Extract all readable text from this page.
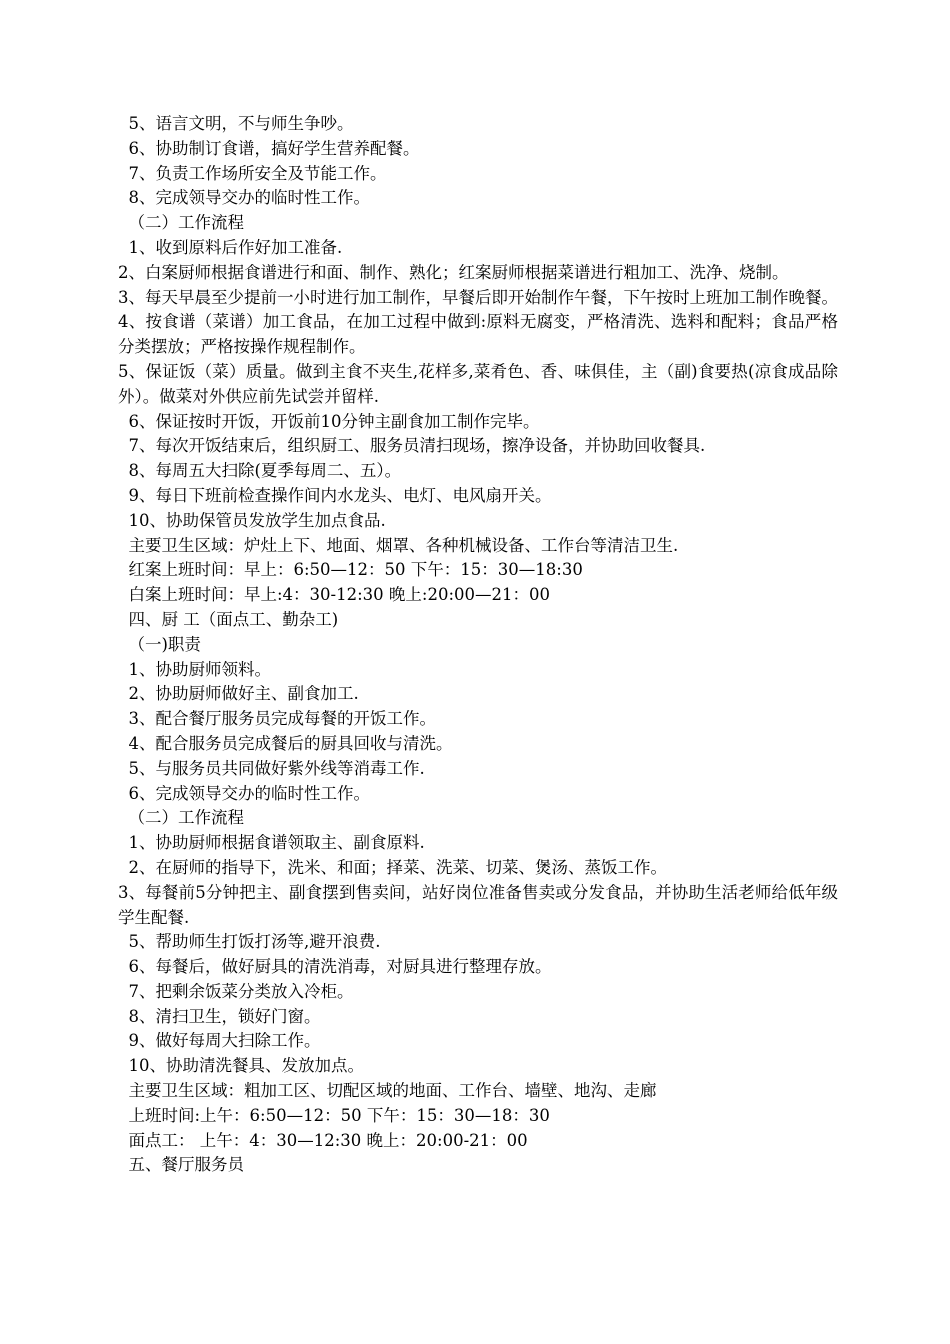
5、语言文明，不与师生争吵。
6、协助制订食谱，搞好学生营养配餐。
7、负责工作场所安全及节能工作。
8、完成领导交办的临时性工作。
（二）工作流程
1、收到原料后作好加工准备.
2、白案厨师根据食谱进行和面、制作、熟化；红案厨师根据菜谱进行粗加工、洗净、烧制。
3、每天早晨至少提前一小时进行加工制作，早餐后即开始制作午餐，下午按时上班加工制作晚餐。
4、按食谱（菜谱）加工食品，在加工过程中做到:原料无腐变，严格清洗、选料和配料；食品严格分类摆放；严格按操作规程制作。
5、保证饭（菜）质量。做到主食不夹生,花样多,菜肴色、香、味俱佳，主（副)食要热(凉食成品除外）。做菜对外供应前先试尝并留样.
6、保证按时开饭，开饭前10分钟主副食加工制作完毕。
7、每次开饭结束后，组织厨工、服务员清扫现场，擦净设备，并协助回收餐具.
8、每周五大扫除(夏季每周二、五）。
9、每日下班前检查操作间内水龙头、电灯、电风扇开关。
10、协助保管员发放学生加点食品.
主要卫生区域：炉灶上下、地面、烟罩、各种机械设备、工作台等清洁卫生.
红案上班时间：早上：6:50—12：50 下午：15：30—18:30
白案上班时间：早上:4：30-12:30 晚上:20:00—21：00
四、厨 工（面点工、勤杂工)
（一)职责
1、协助厨师领料。
2、协助厨师做好主、副食加工.
3、配合餐厅服务员完成每餐的开饭工作。
4、配合服务员完成餐后的厨具回收与清洗。
5、与服务员共同做好紫外线等消毒工作.
6、完成领导交办的临时性工作。
（二）工作流程
1、协助厨师根据食谱领取主、副食原料.
2、在厨师的指导下，洗米、和面；择菜、洗菜、切菜、煲汤、蒸饭工作。
3、每餐前5分钟把主、副食摆到售卖间，站好岗位准备售卖或分发食品，并协助生活老师给低年级学生配餐.
5、帮助师生打饭打汤等,避开浪费.
6、每餐后，做好厨具的清洗消毒，对厨具进行整理存放。
7、把剩余饭菜分类放入冷柜。
8、清扫卫生，锁好门窗。
9、做好每周大扫除工作。
10、协助清洗餐具、发放加点。
主要卫生区域：粗加工区、切配区域的地面、工作台、墙壁、地沟、走廊
上班时间:上午：6:50—12：50 下午：15：30—18：30
面点工： 上午：4：30—12:30 晚上：20:00-21：00
五、餐厅服务员
